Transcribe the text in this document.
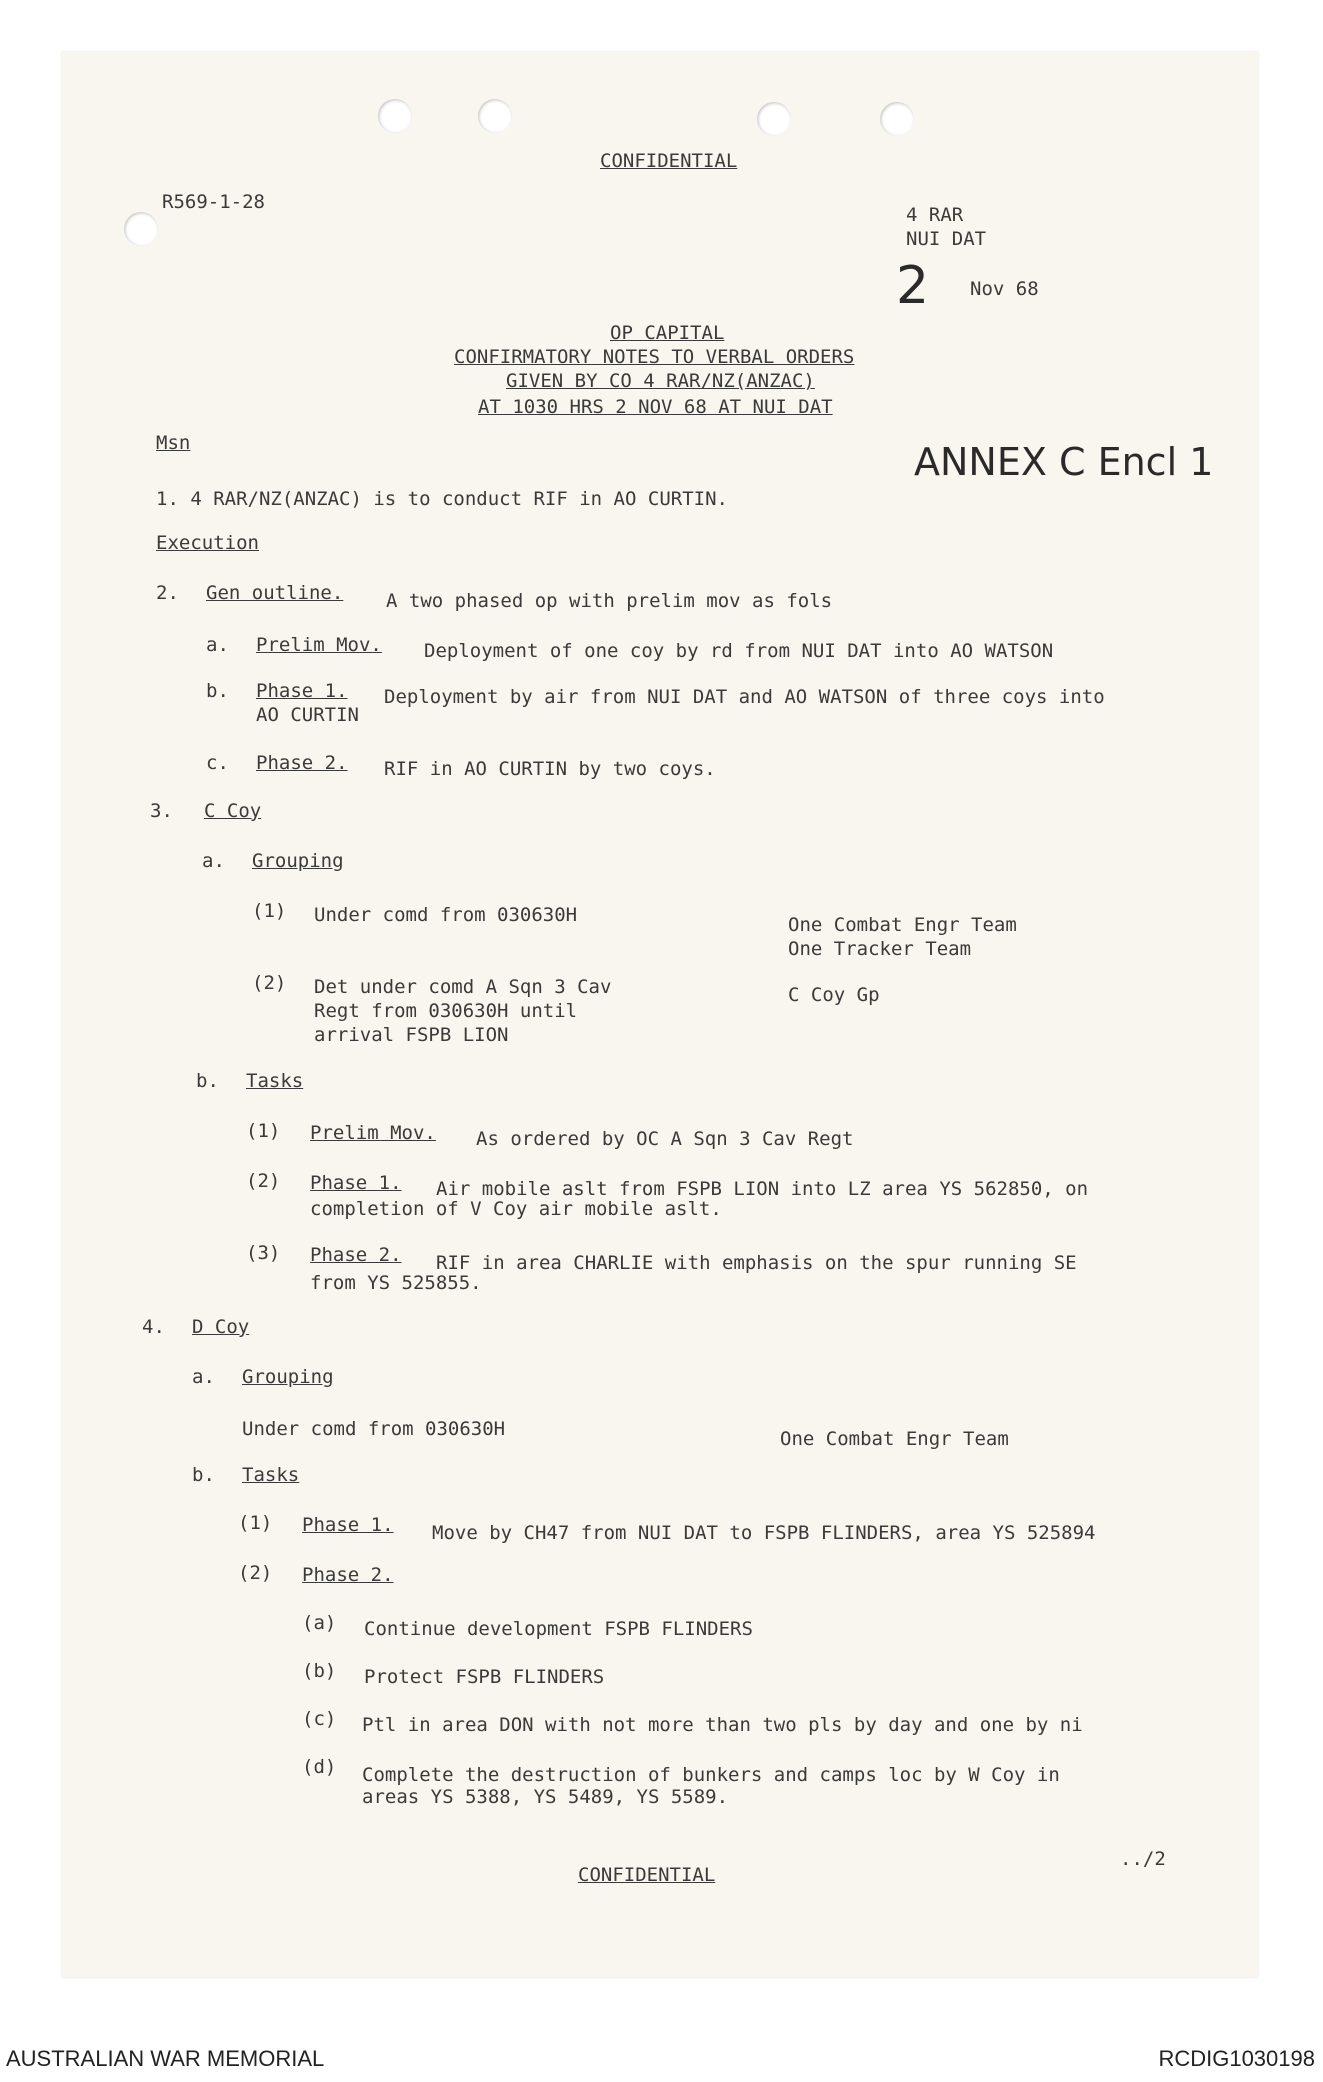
CONFIDENTIAL
R569-1-28
4 RAR
NUI DAT
2 Nov 68
OP CAPITAL
CONFIRMATORY NOTES TO VERBAL ORDERS
GIVEN BY CO 4 RAR/NZ(ANZAC)
AT 1030 HRS 2 NOV 68 AT NUI DAT
ANNEX C Encl 1
Msn
1. 4 RAR/NZ(ANZAC) is to conduct RIF in AO CURTIN.
Execution
2. Gen outline. A two phased op with prelim mov as fols
a. Prelim Mov. Deployment of one coy by rd from NUI DAT into AO WATSON
b. Phase 1. Deployment by air from NUI DAT and AO WATSON of three coys into
AO CURTIN
c. Phase 2. RIF in AO CURTIN by two coys.
3. C Coy
a. Grouping
(1) Under comd from 030630H	One Combat Engr Team
One Tracker Team
(2) Det under comd A Sqn 3 Cav
Regt from 030630H until
arrival FSPB LION
C Coy Gp
b. Tasks
(1) Prelim Mov. As ordered by OC A Sqn 3 Cav Regt
(2) Phase 1. Air mobile aslt from FSPB LION into LZ area YS 562850, on
completion of V Coy air mobile aslt.
(3) Phase 2. RIF in area CHARLIE with emphasis on the spur running SE
from YS 525855.
4. D Coy
a. Grouping
Under comd from 030630H	One Combat Engr Team
b. Tasks
(1) Phase 1. Move by CH47 from NUI DAT to FSPB FLINDERS, area YS 525894
(2) Phase 2.
(a) Continue development FSPB FLINDERS
(b) Protect FSPB FLINDERS
(c) Ptl in area DON with not more than two pls by day and one by ni
(d) Complete the destruction of bunkers and camps loc by W Coy in
areas YS 5388, YS 5489, YS 5589.
CONFIDENTIAL
../2
AUSTRALIAN WAR MEMORIAL	RCDIG1030198
